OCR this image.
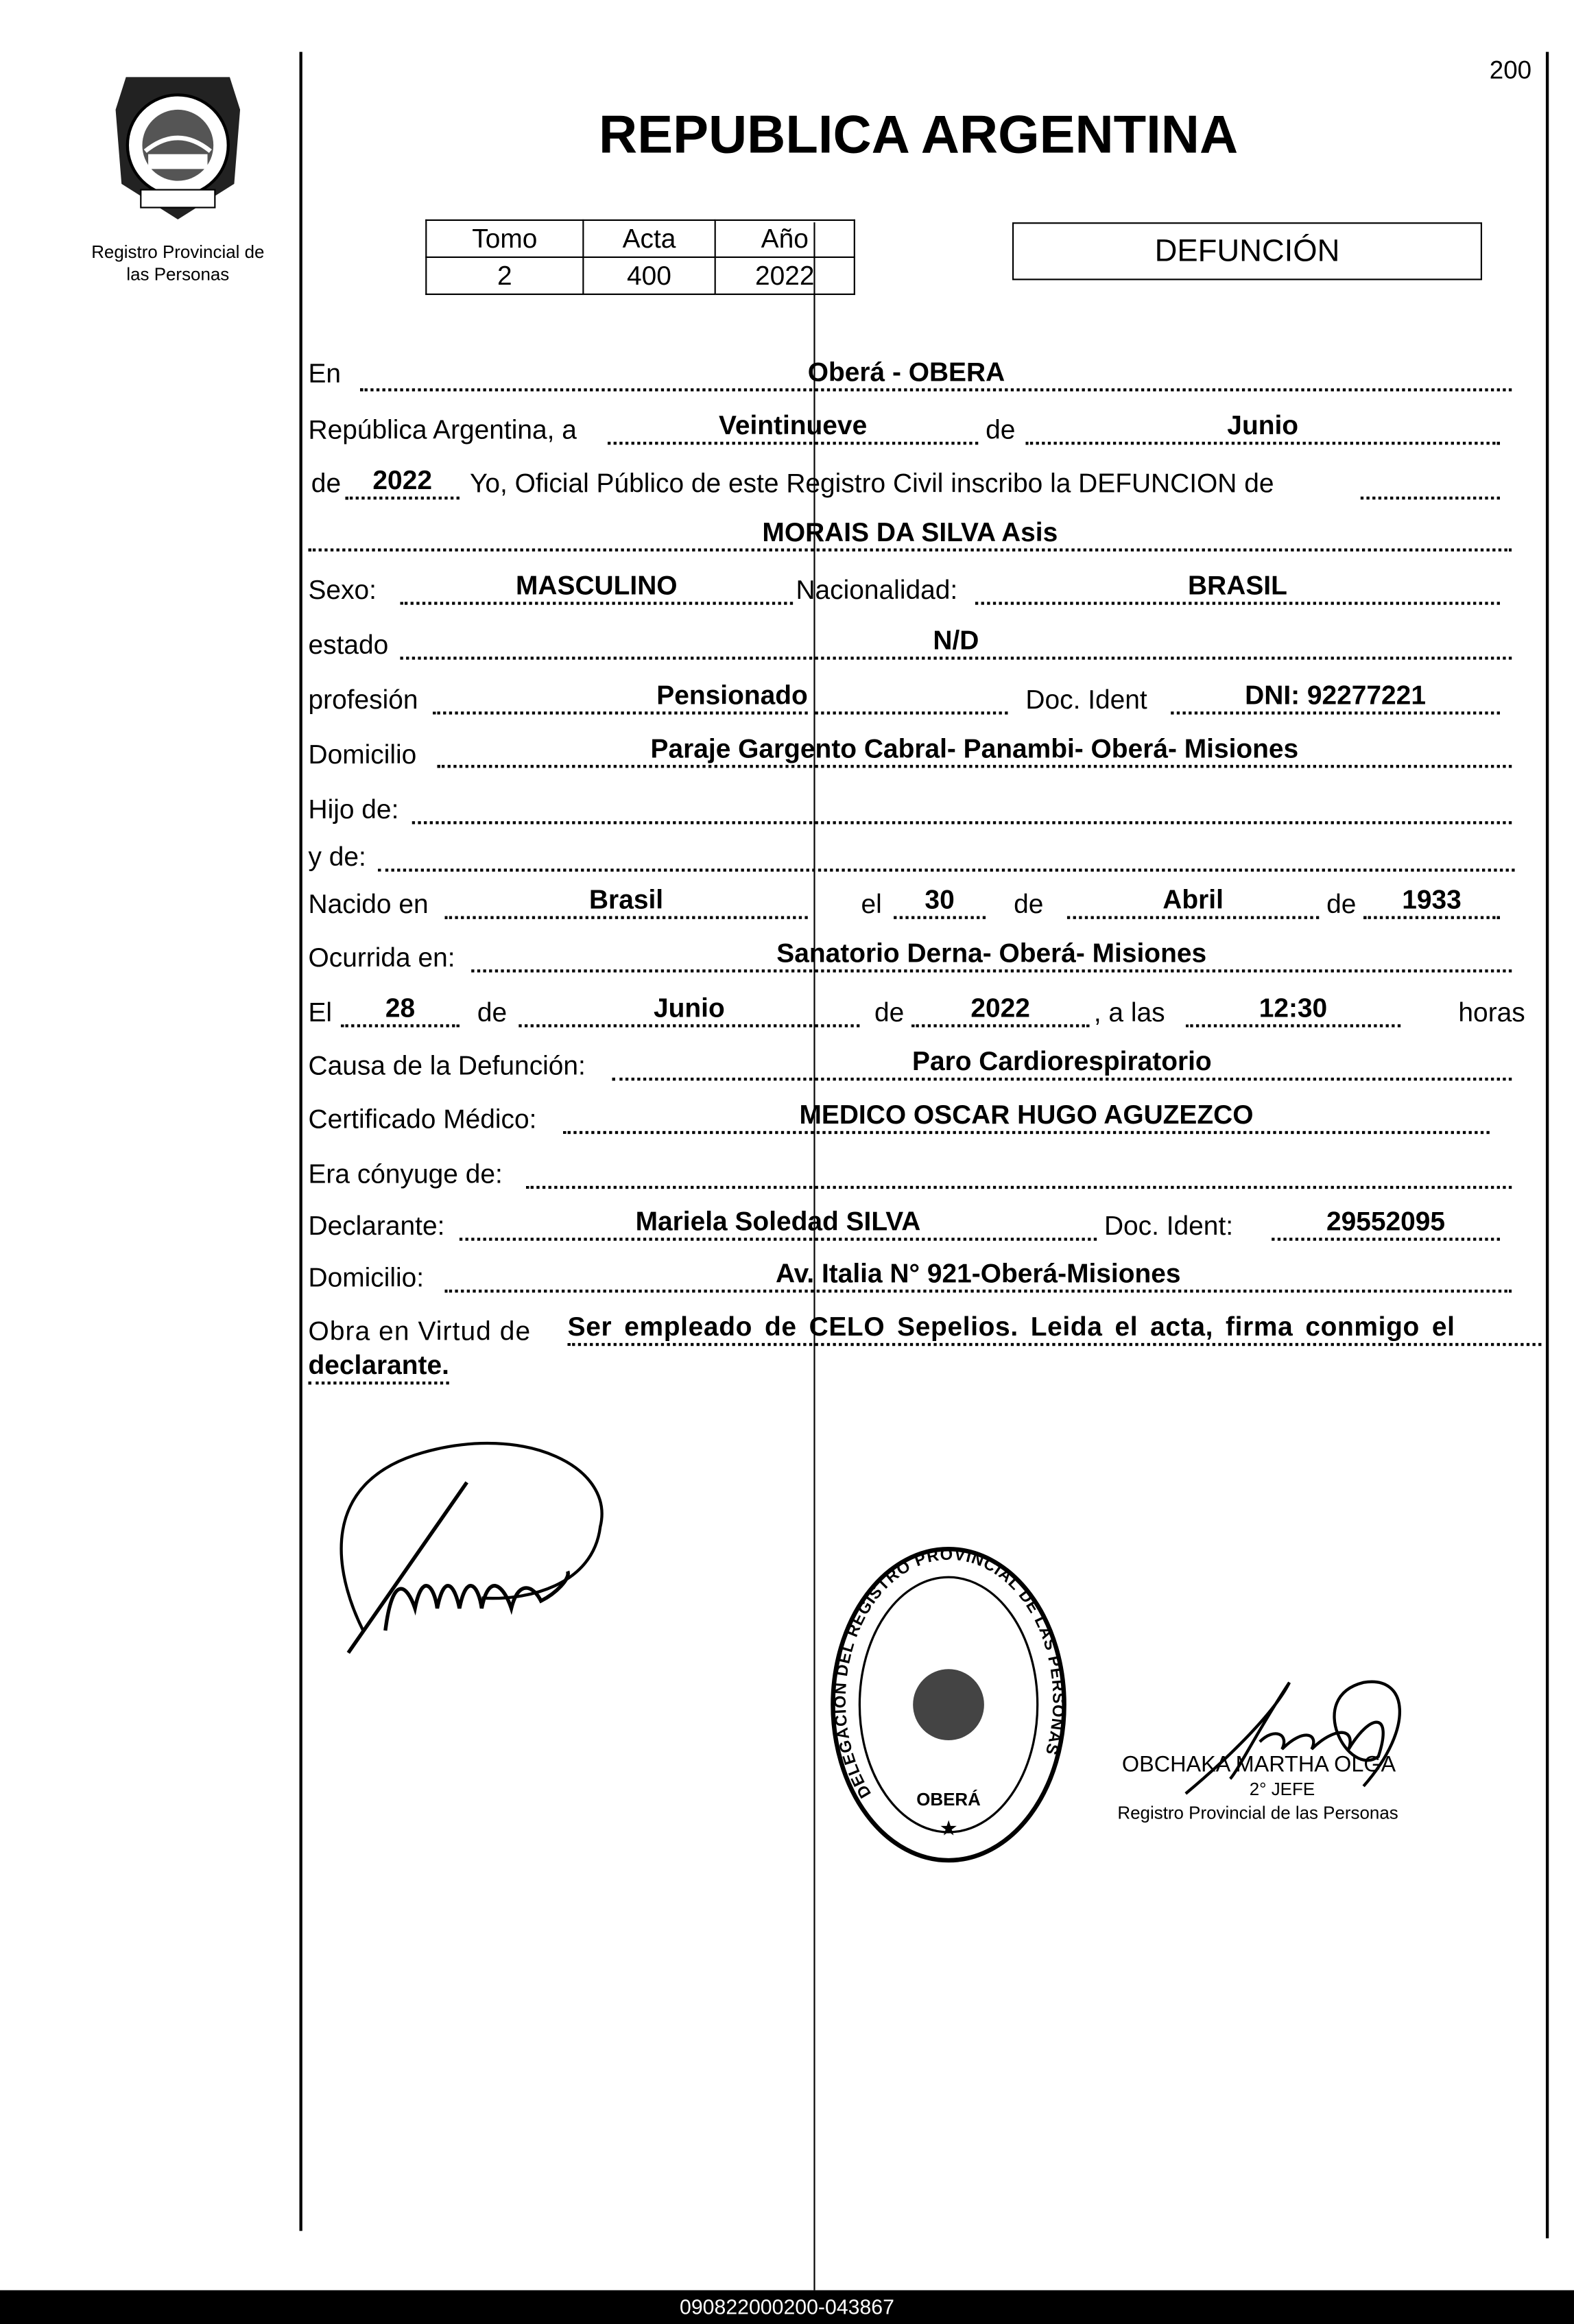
200
Registro Provincial de
las Personas
REPUBLICA ARGENTINA
Tomo	Acta	Año
2	400	2022
DEFUNCIÓN
En	Oberá - OBERA
República Argentina, a	Veintinueve	de	Junio
de	2022	Yo, Oficial Público de este Registro Civil inscribo la DEFUNCION de
MORAIS DA SILVA Asis
Sexo:	MASCULINO	Nacionalidad:	BRASIL
estado	N/D
profesión	Pensionado	Doc. Ident	DNI: 92277221
Domicilio	Paraje Gargento Cabral- Panambi- Oberá- Misiones
Hijo de:
y de:
Nacido en	Brasil	el	30	de	Abril	de	1933
Ocurrida en:	Sanatorio Derna- Oberá- Misiones
El	28	de	Junio	de	2022	, a las	12:30	horas
Causa de la Defunción:	Paro Cardiorespiratorio
Certificado Médico:	MEDICO OSCAR HUGO AGUZEZCO
Era cónyuge de:
Declarante:	Mariela Soledad SILVA	Doc. Ident:	29552095
Domicilio:	Av. Italia N° 921-Oberá-Misiones
Obra en Virtud de	Ser empleado de CELO Sepelios. Leida el acta, firma conmigo el
declarante.
DELEGACION DEL REGISTRO PROVINCIAL DE LAS PERSONAS
OBERÁ
★
OBCHAKA MARTHA OLGA
2° JEFE
Registro Provincial de las Personas
090822000200-043867
